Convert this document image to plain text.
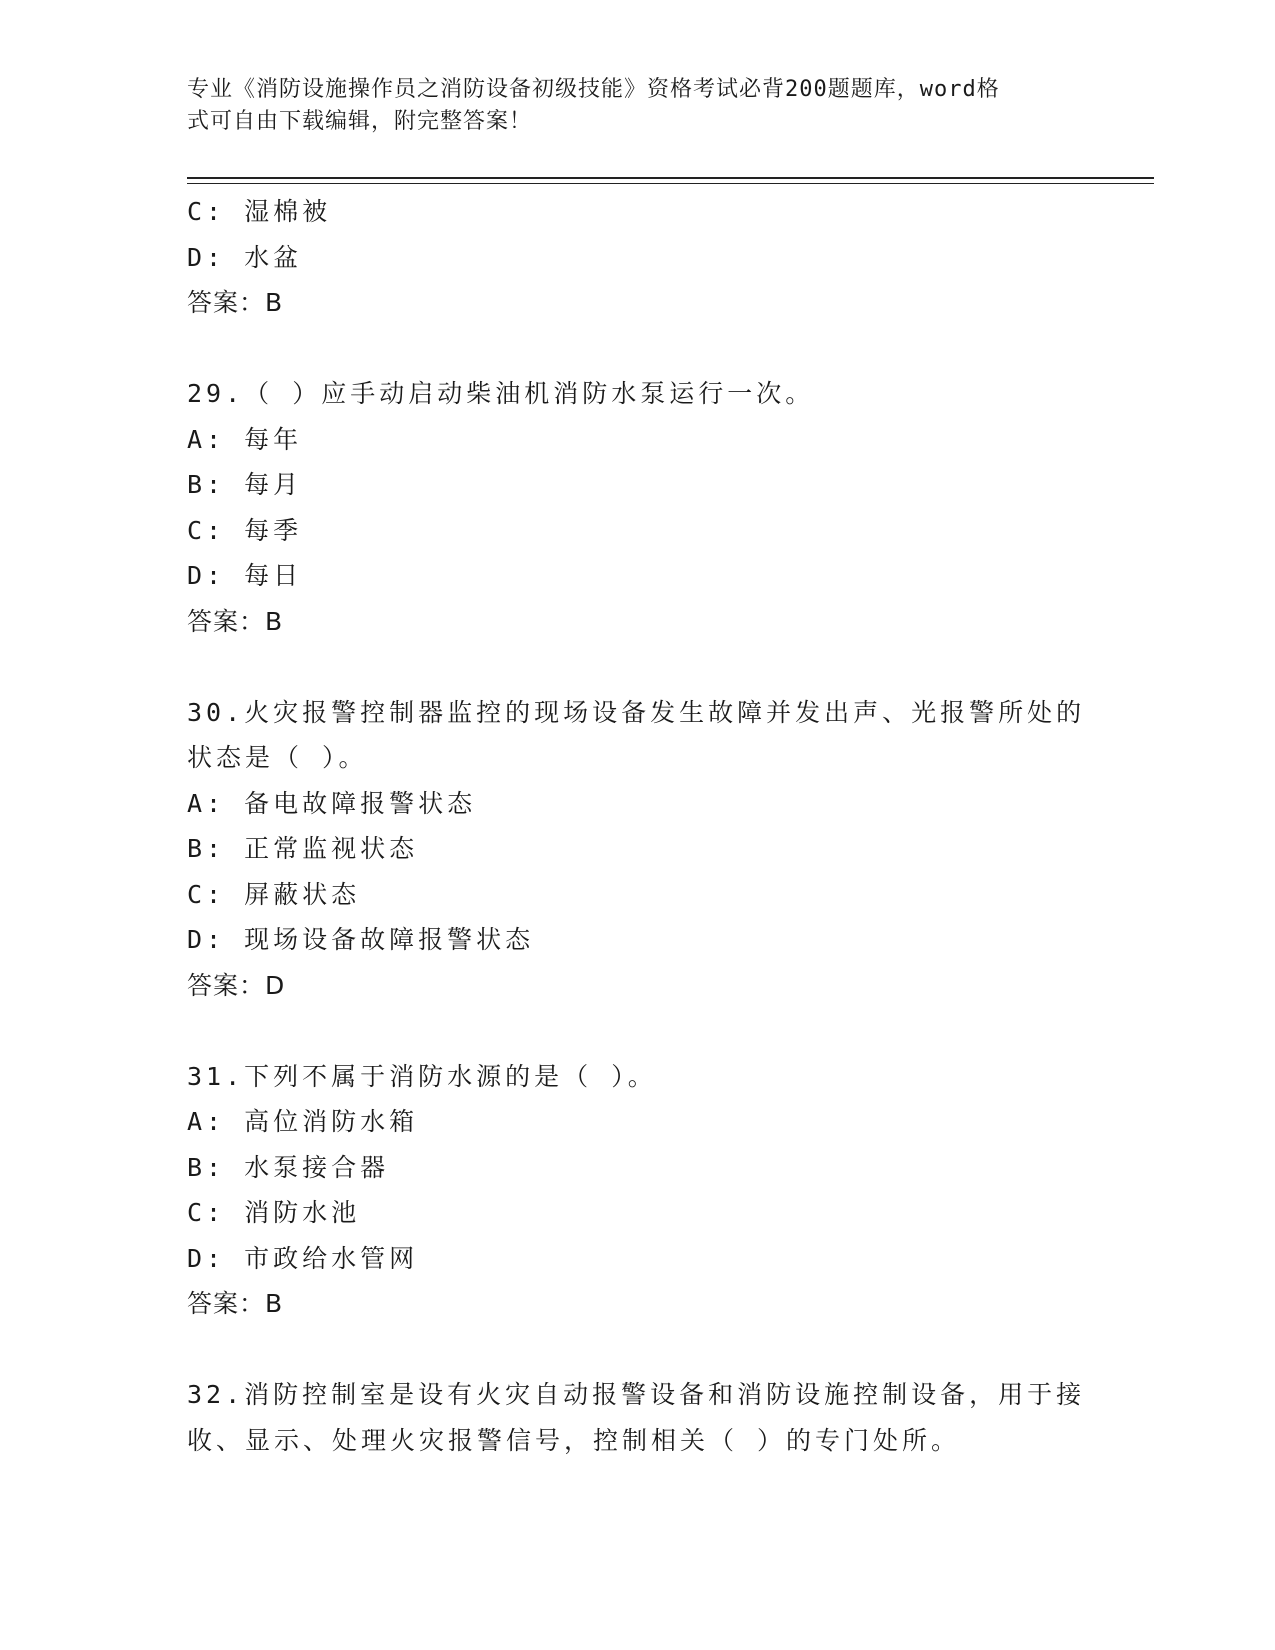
专业《消防设施操作员之消防设备初级技能》资格考试必背200题题库，word格
式可自由下载编辑，附完整答案！
C: 湿棉被
D: 水盆
答案：B
29.（ ）应手动启动柴油机消防水泵运行一次。
A: 每年
B: 每月
C: 每季
D: 每日
答案：B
30.火灾报警控制器监控的现场设备发生故障并发出声、光报警所处的
状态是（ ）。
A: 备电故障报警状态
B: 正常监视状态
C: 屏蔽状态
D: 现场设备故障报警状态
答案：D
31.下列不属于消防水源的是（ ）。
A: 高位消防水箱
B: 水泵接合器
C: 消防水池
D: 市政给水管网
答案：B
32.消防控制室是设有火灾自动报警设备和消防设施控制设备，用于接
收、显示、处理火灾报警信号，控制相关（ ）的专门处所。
